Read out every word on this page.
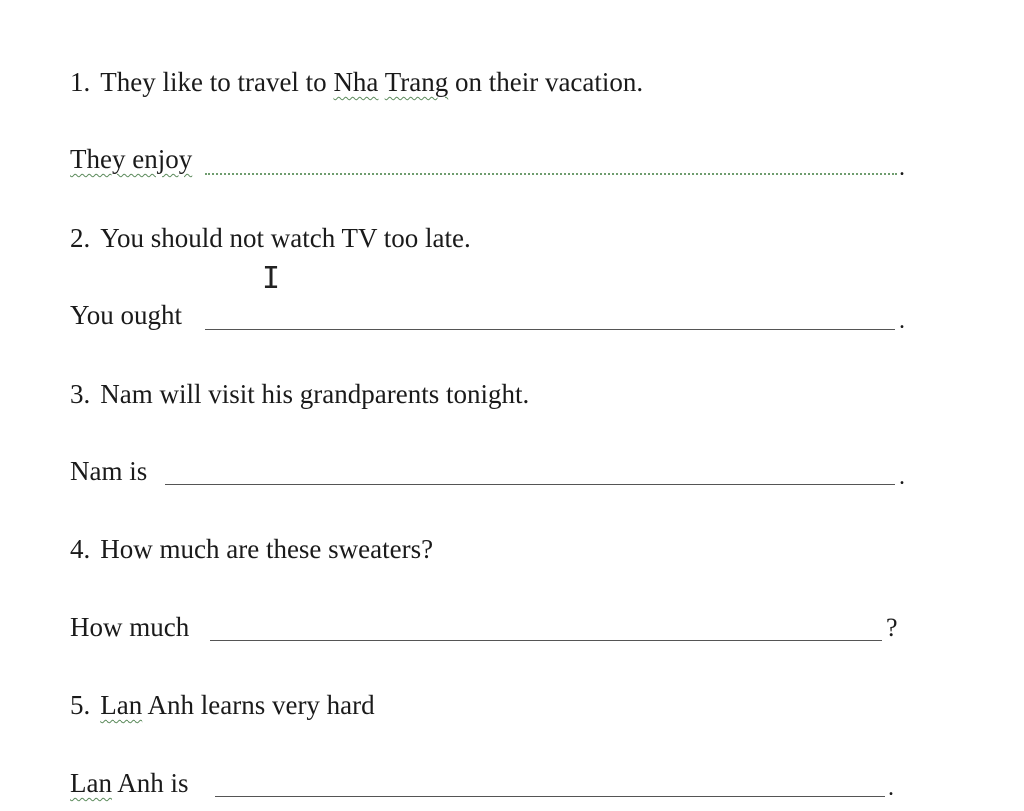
1. They like to travel to Nha Trang on their vacation.
They enjoy	.
2. You should not watch TV too late.
You ought	.
3. Nam will visit his grandparents tonight.
Nam is	.
4. How much are these sweaters?
How much	?
5. Lan Anh learns very hard
Lan Anh is	.
I
